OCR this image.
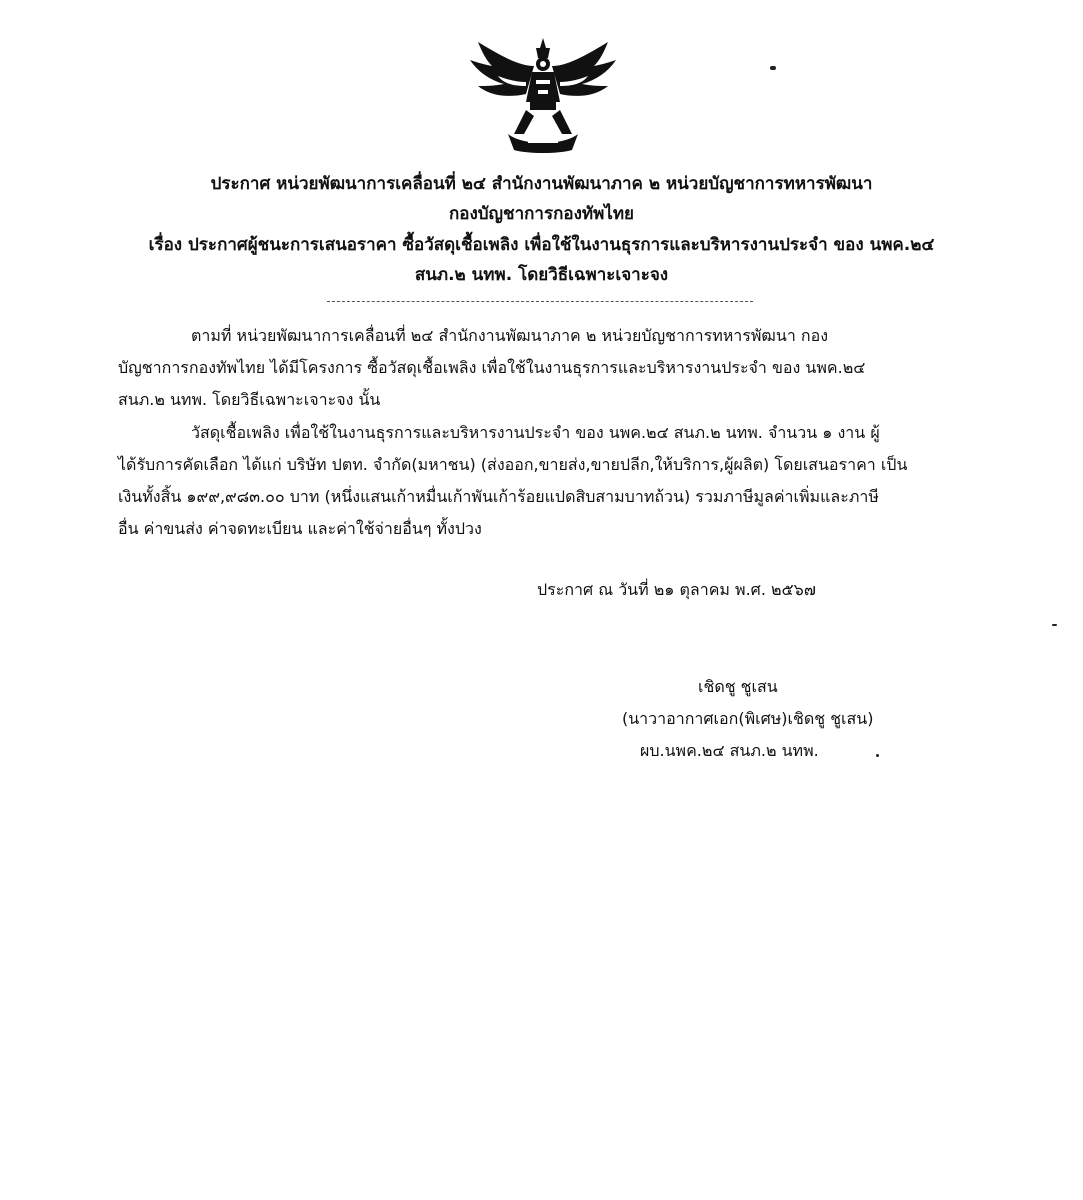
ประกาศ หน่วยพัฒนาการเคลื่อนที่ ๒๔ สำนักงานพัฒนาภาค ๒ หน่วยบัญชาการทหารพัฒนา
กองบัญชาการกองทัพไทย
เรื่อง ประกาศผู้ชนะการเสนอราคา ซื้อวัสดุเชื้อเพลิง เพื่อใช้ในงานธุรการและบริหารงานประจำ ของ นพค.๒๔
สนภ.๒ นทพ. โดยวิธีเฉพาะเจาะจง
ตามที่ หน่วยพัฒนาการเคลื่อนที่ ๒๔ สำนักงานพัฒนาภาค ๒ หน่วยบัญชาการทหารพัฒนา กอง
บัญชาการกองทัพไทย ได้มีโครงการ ซื้อวัสดุเชื้อเพลิง เพื่อใช้ในงานธุรการและบริหารงานประจำ ของ นพค.๒๔
สนภ.๒ นทพ. โดยวิธีเฉพาะเจาะจง นั้น
วัสดุเชื้อเพลิง เพื่อใช้ในงานธุรการและบริหารงานประจำ ของ นพค.๒๔ สนภ.๒ นทพ. จำนวน ๑ งาน ผู้
ได้รับการคัดเลือก ได้แก่ บริษัท ปตท. จำกัด(มหาชน) (ส่งออก,ขายส่ง,ขายปลีก,ให้บริการ,ผู้ผลิต) โดยเสนอราคา เป็น
เงินทั้งสิ้น ๑๙๙,๙๘๓.๐๐ บาท (หนึ่งแสนเก้าหมื่นเก้าพันเก้าร้อยแปดสิบสามบาทถ้วน) รวมภาษีมูลค่าเพิ่มและภาษี
อื่น ค่าขนส่ง ค่าจดทะเบียน และค่าใช้จ่ายอื่นๆ ทั้งปวง
ประกาศ ณ วันที่ ๒๑ ตุลาคม พ.ศ. ๒๕๖๗
เชิดชู ชูเสน
(นาวาอากาศเอก(พิเศษ)เชิดชู ชูเสน)
ผบ.นพค.๒๔ สนภ.๒ นทพ.
